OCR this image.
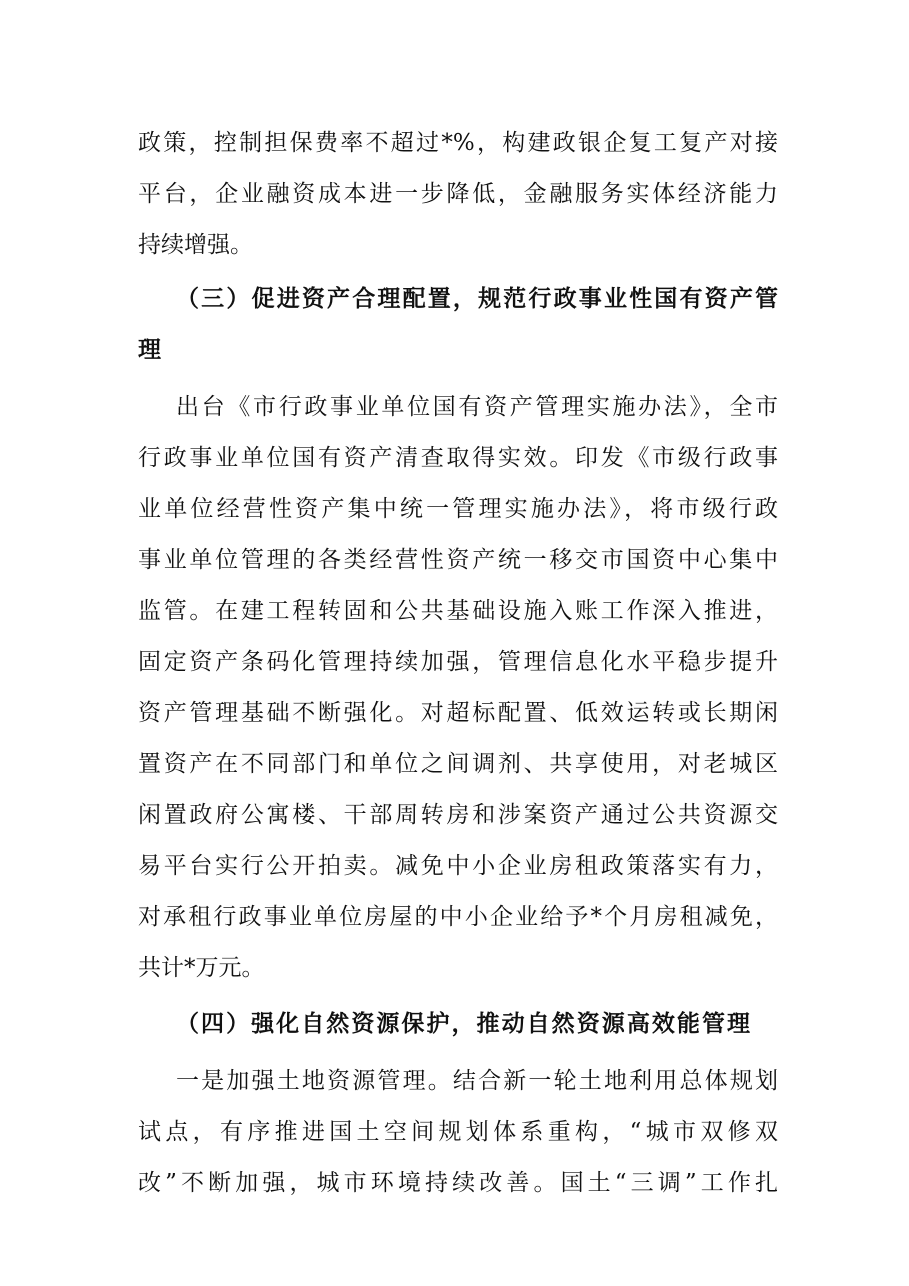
政策，控制担保费率不超过*%，构建政银企复工复产对接
平台，企业融资成本进一步降低，金融服务实体经济能力
持续增强。
（三）促进资产合理配置，规范行政事业性国有资产管
理
出台《市行政事业单位国有资产管理实施办法》，全市
行政事业单位国有资产清查取得实效。印发《市级行政事
业单位经营性资产集中统一管理实施办法》，将市级行政
事业单位管理的各类经营性资产统一移交市国资中心集中
监管。在建工程转固和公共基础设施入账工作深入推进，
固定资产条码化管理持续加强，管理信息化水平稳步提升
资产管理基础不断强化。对超标配置、低效运转或长期闲
置资产在不同部门和单位之间调剂、共享使用，对老城区
闲置政府公寓楼、干部周转房和涉案资产通过公共资源交
易平台实行公开拍卖。减免中小企业房租政策落实有力，
对承租行政事业单位房屋的中小企业给予*个月房租减免，
共计*万元。
（四）强化自然资源保护，推动自然资源高效能管理
一是加强土地资源管理。结合新一轮土地利用总体规划
试点，有序推进国土空间规划体系重构，“城市双修双
改”不断加强，城市环境持续改善。国土“三调”工作扎
